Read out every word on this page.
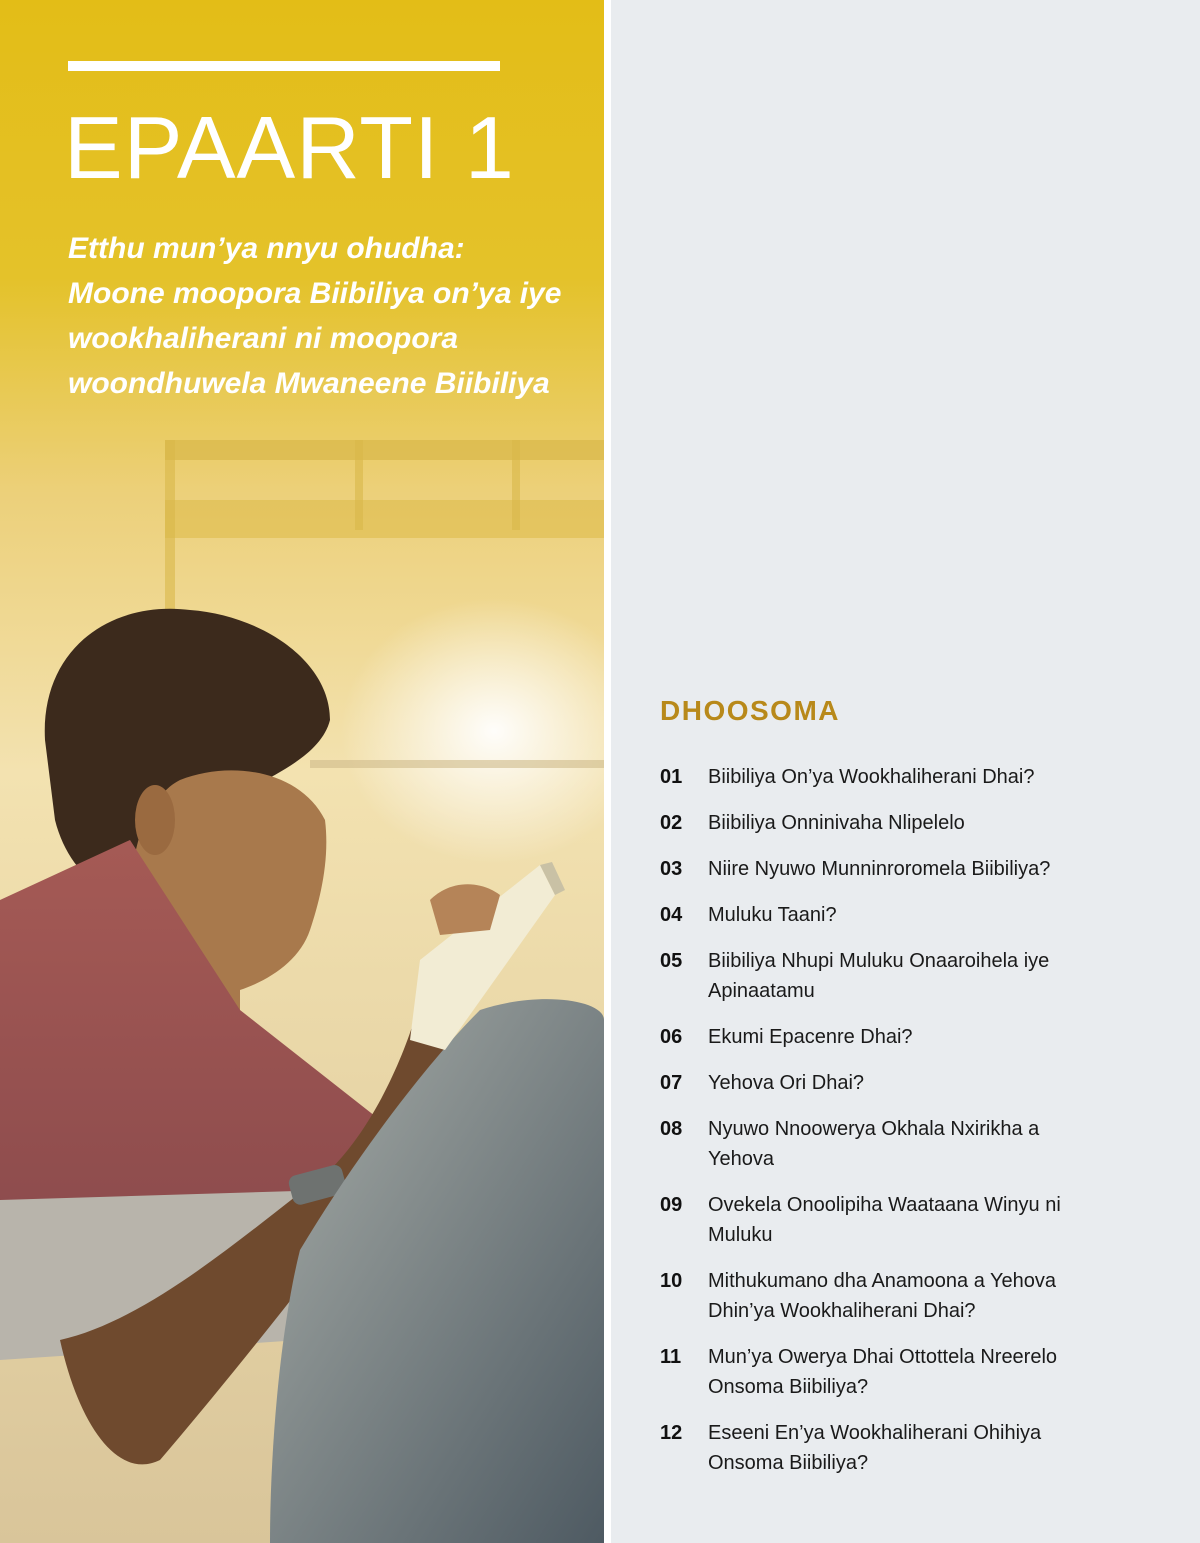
EPAARTI 1

Etthu mun’ya nnyu ohudha: Moone moopora Biibiliya on’ya iye wookhaliherani ni moopora woondhuwela Mwaneene Biibiliya

DHOOSOMA
01	Biibiliya On’ya Wookhaliherani Dhai?
02	Biibiliya Onninivaha Nlipelelo
03	Niire Nyuwo Munninroromela Biibiliya?
04	Muluku Taani?
05	Biibiliya Nhupi Muluku Onaaroihela iye Apinaatamu
06	Ekumi Epacenre Dhai?
07	Yehova Ori Dhai?
08	Nyuwo Nnoowerya Okhala Nxirikha a Yehova
09	Ovekela Onoolipiha Waataana Winyu ni Muluku
10	Mithukumano dha Anamoona a Yehova Dhin’ya Wookhaliherani Dhai?
11	Mun’ya Owerya Dhai Ottottela Nreerelo Onsoma Biibiliya?
12	Eseeni En’ya Wookhaliherani Ohihiya Onsoma Biibiliya?
